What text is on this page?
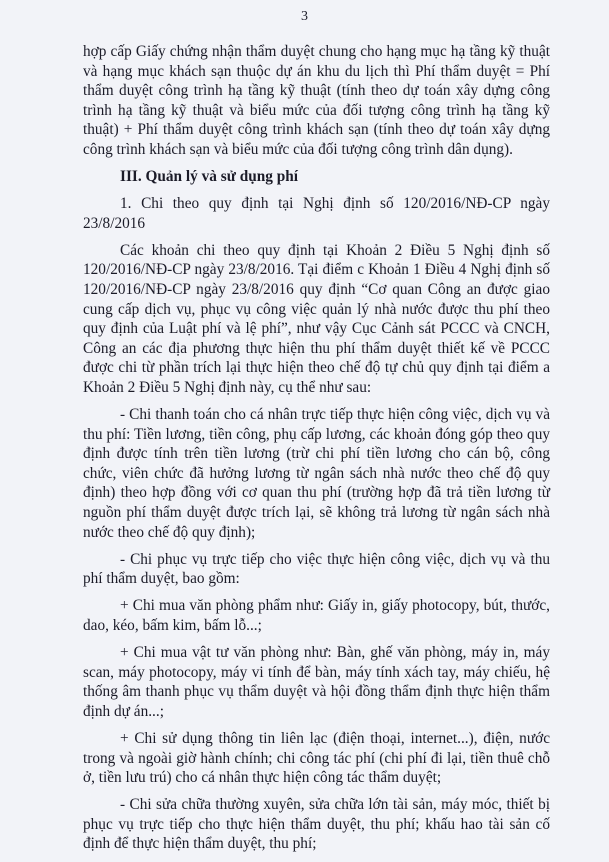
3

hợp cấp Giấy chứng nhận thẩm duyệt chung cho hạng mục hạ tầng kỹ thuật và hạng mục khách sạn thuộc dự án khu du lịch thì Phí thẩm duyệt = Phí thẩm duyệt công trình hạ tầng kỹ thuật (tính theo dự toán xây dựng công trình hạ tầng kỹ thuật và biểu mức của đối tượng công trình hạ tầng kỹ thuật) + Phí thẩm duyệt công trình khách sạn (tính theo dự toán xây dựng công trình khách sạn và biểu mức của đối tượng công trình dân dụng).

III. Quản lý và sử dụng phí

1. Chi theo quy định tại Nghị định số 120/2016/NĐ-CP ngày 23/8/2016

Các khoản chi theo quy định tại Khoản 2 Điều 5 Nghị định số 120/2016/NĐ-CP ngày 23/8/2016. Tại điểm c Khoản 1 Điều 4 Nghị định số 120/2016/NĐ-CP ngày 23/8/2016 quy định “Cơ quan Công an được giao cung cấp dịch vụ, phục vụ công việc quản lý nhà nước được thu phí theo quy định của Luật phí và lệ phí”, như vậy Cục Cảnh sát PCCC và CNCH, Công an các địa phương thực hiện thu phí thẩm duyệt thiết kế về PCCC được chi từ phần trích lại thực hiện theo chế độ tự chủ quy định tại điểm a Khoản 2 Điều 5 Nghị định này, cụ thể như sau:

- Chi thanh toán cho cá nhân trực tiếp thực hiện công việc, dịch vụ và thu phí: Tiền lương, tiền công, phụ cấp lương, các khoản đóng góp theo quy định được tính trên tiền lương (trừ chi phí tiền lương cho cán bộ, công chức, viên chức đã hưởng lương từ ngân sách nhà nước theo chế độ quy định) theo hợp đồng với cơ quan thu phí (trường hợp đã trả tiền lương từ nguồn phí thẩm duyệt được trích lại, sẽ không trả lương từ ngân sách nhà nước theo chế độ quy định);

- Chi phục vụ trực tiếp cho việc thực hiện công việc, dịch vụ và thu phí thẩm duyệt, bao gồm:

+ Chi mua văn phòng phẩm như: Giấy in, giấy photocopy, bút, thước, dao, kéo, bấm kim, bấm lỗ...;

+ Chi mua vật tư văn phòng như: Bàn, ghế văn phòng, máy in, máy scan, máy photocopy, máy vi tính để bàn, máy tính xách tay, máy chiếu, hệ thống âm thanh phục vụ thẩm duyệt và hội đồng thẩm định thực hiện thẩm định dự án...;

+ Chi sử dụng thông tin liên lạc (điện thoại, internet...), điện, nước trong và ngoài giờ hành chính; chi công tác phí (chi phí đi lại, tiền thuê chỗ ở, tiền lưu trú) cho cá nhân thực hiện công tác thẩm duyệt;

- Chi sửa chữa thường xuyên, sửa chữa lớn tài sản, máy móc, thiết bị phục vụ trực tiếp cho thực hiện thẩm duyệt, thu phí; khấu hao tài sản cố định để thực hiện thẩm duyệt, thu phí;
